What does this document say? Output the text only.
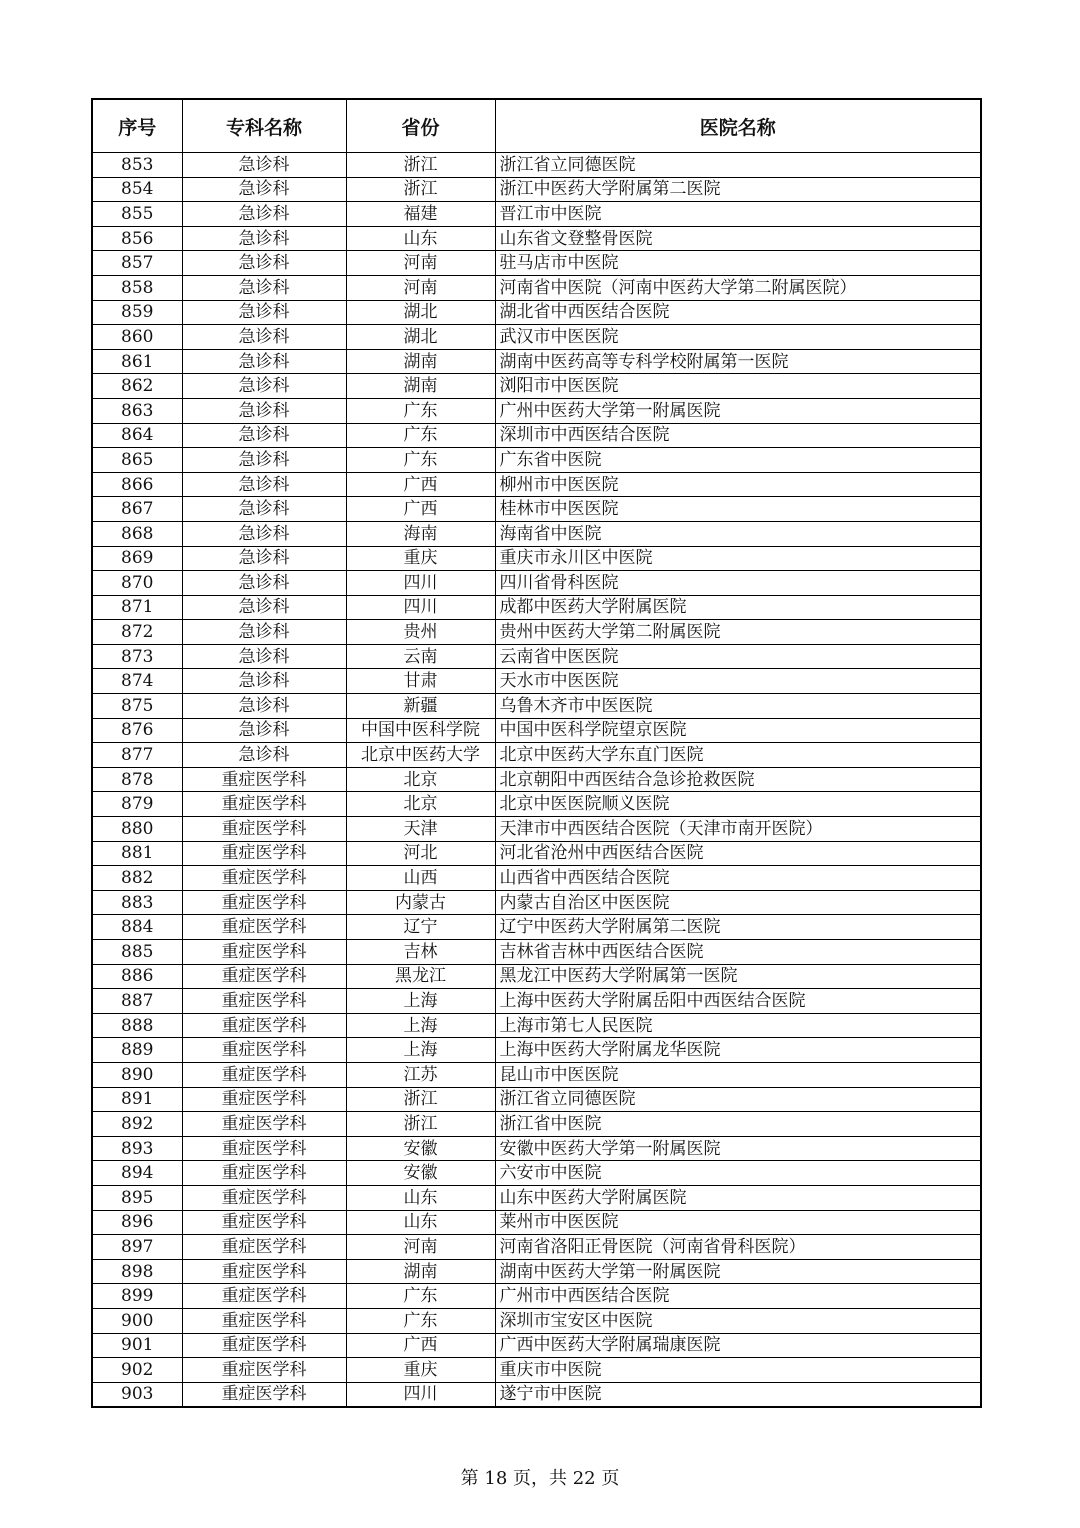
序号	专科名称	省份	医院名称
853	急诊科	浙江	浙江省立同德医院
854	急诊科	浙江	浙江中医药大学附属第二医院
855	急诊科	福建	晋江市中医院
856	急诊科	山东	山东省文登整骨医院
857	急诊科	河南	驻马店市中医院
858	急诊科	河南	河南省中医院（河南中医药大学第二附属医院）
859	急诊科	湖北	湖北省中西医结合医院
860	急诊科	湖北	武汉市中医医院
861	急诊科	湖南	湖南中医药高等专科学校附属第一医院
862	急诊科	湖南	浏阳市中医医院
863	急诊科	广东	广州中医药大学第一附属医院
864	急诊科	广东	深圳市中西医结合医院
865	急诊科	广东	广东省中医院
866	急诊科	广西	柳州市中医医院
867	急诊科	广西	桂林市中医医院
868	急诊科	海南	海南省中医院
869	急诊科	重庆	重庆市永川区中医院
870	急诊科	四川	四川省骨科医院
871	急诊科	四川	成都中医药大学附属医院
872	急诊科	贵州	贵州中医药大学第二附属医院
873	急诊科	云南	云南省中医医院
874	急诊科	甘肃	天水市中医医院
875	急诊科	新疆	乌鲁木齐市中医医院
876	急诊科	中国中医科学院	中国中医科学院望京医院
877	急诊科	北京中医药大学	北京中医药大学东直门医院
878	重症医学科	北京	北京朝阳中西医结合急诊抢救医院
879	重症医学科	北京	北京中医医院顺义医院
880	重症医学科	天津	天津市中西医结合医院（天津市南开医院）
881	重症医学科	河北	河北省沧州中西医结合医院
882	重症医学科	山西	山西省中西医结合医院
883	重症医学科	内蒙古	内蒙古自治区中医医院
884	重症医学科	辽宁	辽宁中医药大学附属第二医院
885	重症医学科	吉林	吉林省吉林中西医结合医院
886	重症医学科	黑龙江	黑龙江中医药大学附属第一医院
887	重症医学科	上海	上海中医药大学附属岳阳中西医结合医院
888	重症医学科	上海	上海市第七人民医院
889	重症医学科	上海	上海中医药大学附属龙华医院
890	重症医学科	江苏	昆山市中医医院
891	重症医学科	浙江	浙江省立同德医院
892	重症医学科	浙江	浙江省中医院
893	重症医学科	安徽	安徽中医药大学第一附属医院
894	重症医学科	安徽	六安市中医院
895	重症医学科	山东	山东中医药大学附属医院
896	重症医学科	山东	莱州市中医医院
897	重症医学科	河南	河南省洛阳正骨医院（河南省骨科医院）
898	重症医学科	湖南	湖南中医药大学第一附属医院
899	重症医学科	广东	广州市中西医结合医院
900	重症医学科	广东	深圳市宝安区中医院
901	重症医学科	广西	广西中医药大学附属瑞康医院
902	重症医学科	重庆	重庆市中医院
903	重症医学科	四川	遂宁市中医院
第 18 页，共 22 页
